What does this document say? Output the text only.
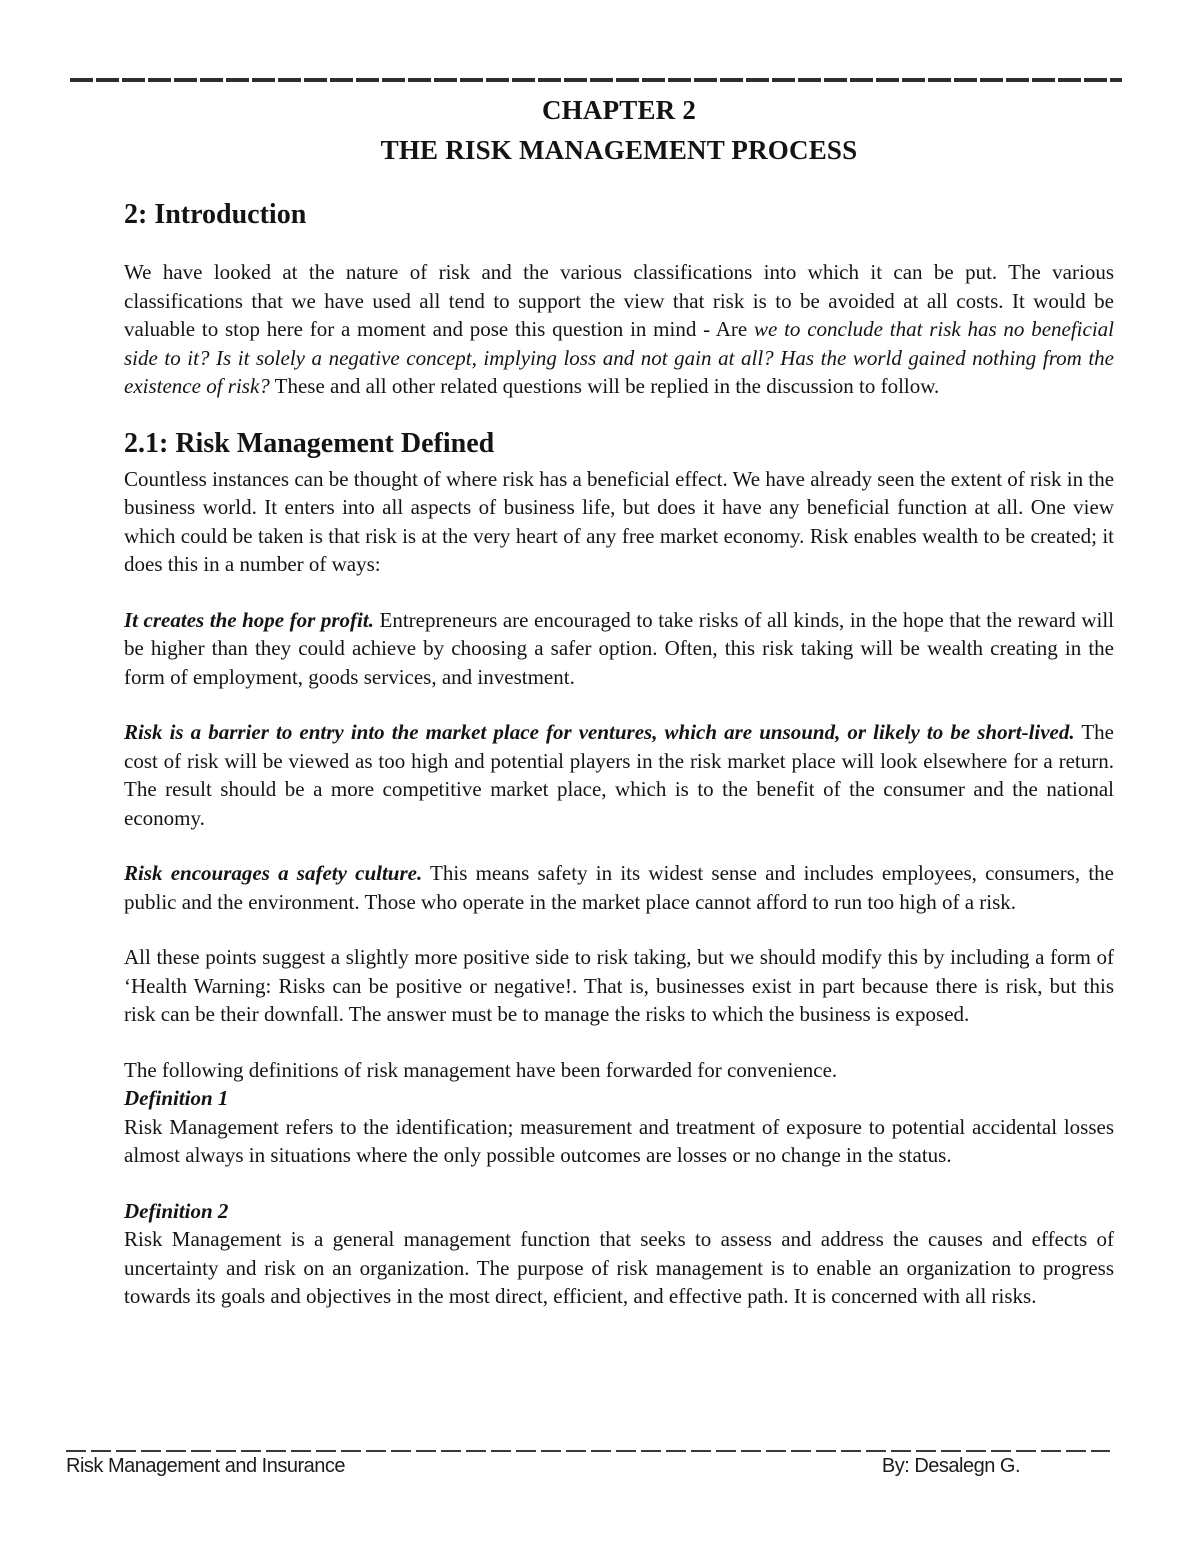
CHAPTER 2
THE RISK MANAGEMENT PROCESS
2: Introduction

We have looked at the nature of risk and the various classifications into which it can be put. The various classifications that we have used all tend to support the view that risk is to be avoided at all costs. It would be valuable to stop here for a moment and pose this question in mind - Are we to conclude that risk has no beneficial side to it? Is it solely a negative concept, implying loss and not gain at all? Has the world gained nothing from the existence of risk? These and all other related questions will be replied in the discussion to follow.

2.1: Risk Management Defined

Countless instances can be thought of where risk has a beneficial effect. We have already seen the extent of risk in the business world. It enters into all aspects of business life, but does it have any beneficial function at all. One view which could be taken is that risk is at the very heart of any free market economy. Risk enables wealth to be created; it does this in a number of ways:

It creates the hope for profit. Entrepreneurs are encouraged to take risks of all kinds, in the hope that the reward will be higher than they could achieve by choosing a safer option. Often, this risk taking will be wealth creating in the form of employment, goods services, and investment.

Risk is a barrier to entry into the market place for ventures, which are unsound, or likely to be short-lived. The cost of risk will be viewed as too high and potential players in the risk market place will look elsewhere for a return. The result should be a more competitive market place, which is to the benefit of the consumer and the national economy.

Risk encourages a safety culture. This means safety in its widest sense and includes employees, consumers, the public and the environment. Those who operate in the market place cannot afford to run too high of a risk.

All these points suggest a slightly more positive side to risk taking, but we should modify this by including a form of ‘Health Warning: Risks can be positive or negative!. That is, businesses exist in part because there is risk, but this risk can be their downfall. The answer must be to manage the risks to which the business is exposed.

The following definitions of risk management have been forwarded for convenience.

Definition 1

Risk Management refers to the identification; measurement and treatment of exposure to potential accidental losses almost always in situations where the only possible outcomes are losses or no change in the status.

Definition 2

Risk Management is a general management function that seeks to assess and address the causes and effects of uncertainty and risk on an organization. The purpose of risk management is to enable an organization to progress towards its goals and objectives in the most direct, efficient, and effective path. It is concerned with all risks.

Risk Management and Insurance	By: Desalegn G.
